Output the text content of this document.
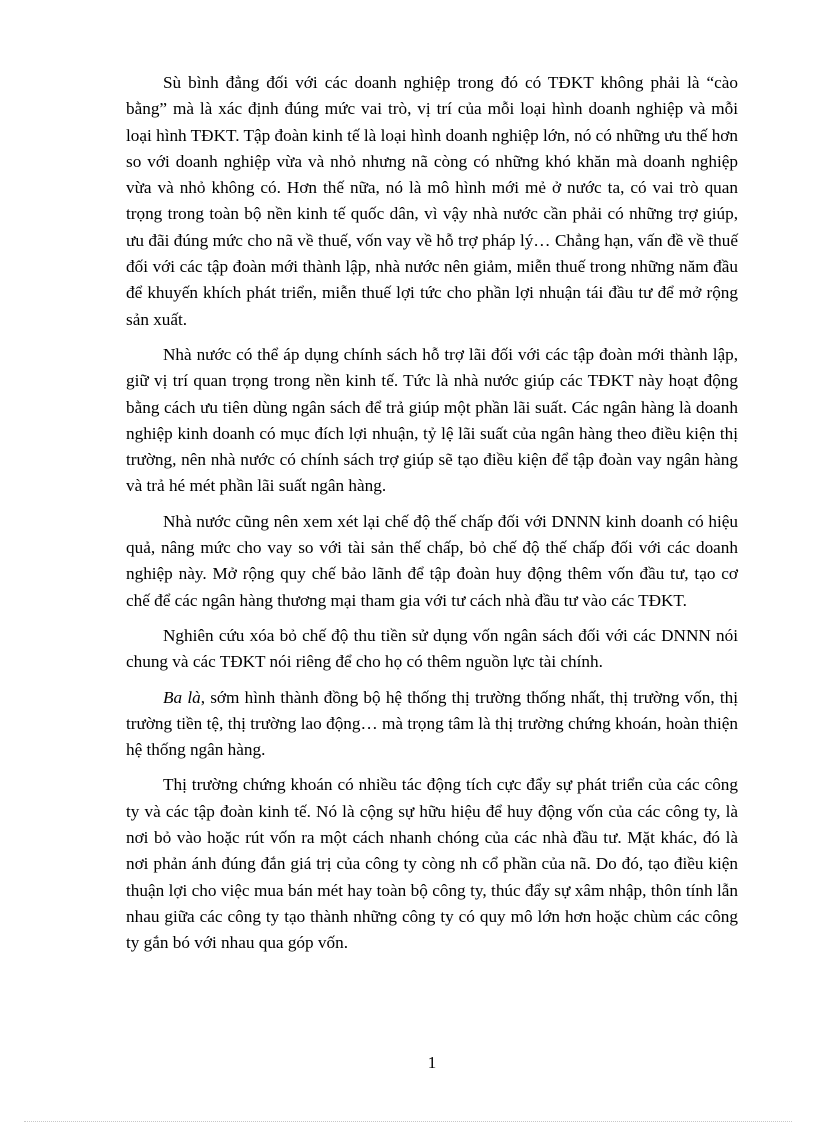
Sù bình đẳng đối với các doanh nghiệp trong đó có TĐKT không phải là “cào bằng” mà là xác định đúng mức vai trò, vị trí của mỗi loại hình doanh nghiệp và mỗi loại hình TĐKT. Tập đoàn kinh tế là loại hình doanh nghiệp lớn, nó có những ưu thế hơn so với doanh nghiệp vừa và nhỏ nhưng nã còng có những khó khăn mà doanh nghiệp vừa và nhỏ không có. Hơn thế nữa, nó là mô hình mới mẻ ở nước ta, có vai trò quan trọng trong toàn bộ nền kinh tế quốc dân, vì vậy nhà nước cần phải có những trợ giúp, ưu đãi đúng mức cho nã về thuế, vốn vay về hỗ trợ pháp lý… Chẳng hạn, vấn đề về thuế đối với các tập đoàn mới thành lập, nhà nước nên giảm, miễn thuế trong những năm đầu để khuyến khích phát triển, miễn thuế lợi tức cho phần lợi nhuận tái đầu tư để mở rộng sản xuất.

Nhà nước có thể áp dụng chính sách hỗ trợ lãi đối với các tập đoàn mới thành lập, giữ vị trí quan trọng trong nền kinh tế. Tức là nhà nước giúp các TĐKT này hoạt động bằng cách ưu tiên dùng ngân sách để trả giúp một phần lãi suất. Các ngân hàng là doanh nghiệp kinh doanh có mục đích lợi nhuận, tỷ lệ lãi suất của ngân hàng theo điều kiện thị trường, nên nhà nước có chính sách trợ giúp sẽ tạo điều kiện để tập đoàn vay ngân hàng và trả hé mét phần lãi suất ngân hàng.

Nhà nước cũng nên xem xét lại chế độ thế chấp đối với DNNN kinh doanh có hiệu quả, nâng mức cho vay so với tài sản thế chấp, bỏ chế độ thế chấp đối với các doanh nghiệp này. Mở rộng quy chế bảo lãnh để tập đoàn huy động thêm vốn đầu tư, tạo cơ chế để các ngân hàng thương mại tham gia với tư cách nhà đầu tư vào các TĐKT.

Nghiên cứu xóa bỏ chế độ thu tiền sử dụng vốn ngân sách đối với các DNNN nói chung và các TĐKT nói riêng để cho họ có thêm nguồn lực tài chính.

Ba là, sớm hình thành đồng bộ hệ thống thị trường thống nhất, thị trường vốn, thị trường tiền tệ, thị trường lao động… mà trọng tâm là thị trường chứng khoán, hoàn thiện hệ thống ngân hàng.

Thị trường chứng khoán có nhiều tác động tích cực đẩy sự phát triển của các công ty và các tập đoàn kinh tế. Nó là cộng sự hữu hiệu để huy động vốn của các công ty, là nơi bỏ vào hoặc rút vốn ra một cách nhanh chóng của các nhà đầu tư. Mặt khác, đó là nơi phản ánh đúng đắn giá trị của công ty còng nh cổ phần của nã. Do đó, tạo điều kiện thuận lợi cho việc mua bán mét hay toàn bộ công ty, thúc đẩy sự xâm nhập, thôn tính lẫn nhau giữa các công ty tạo thành những công ty có quy mô lớn hơn hoặc chùm các công ty gắn bó với nhau qua góp vốn.

1
